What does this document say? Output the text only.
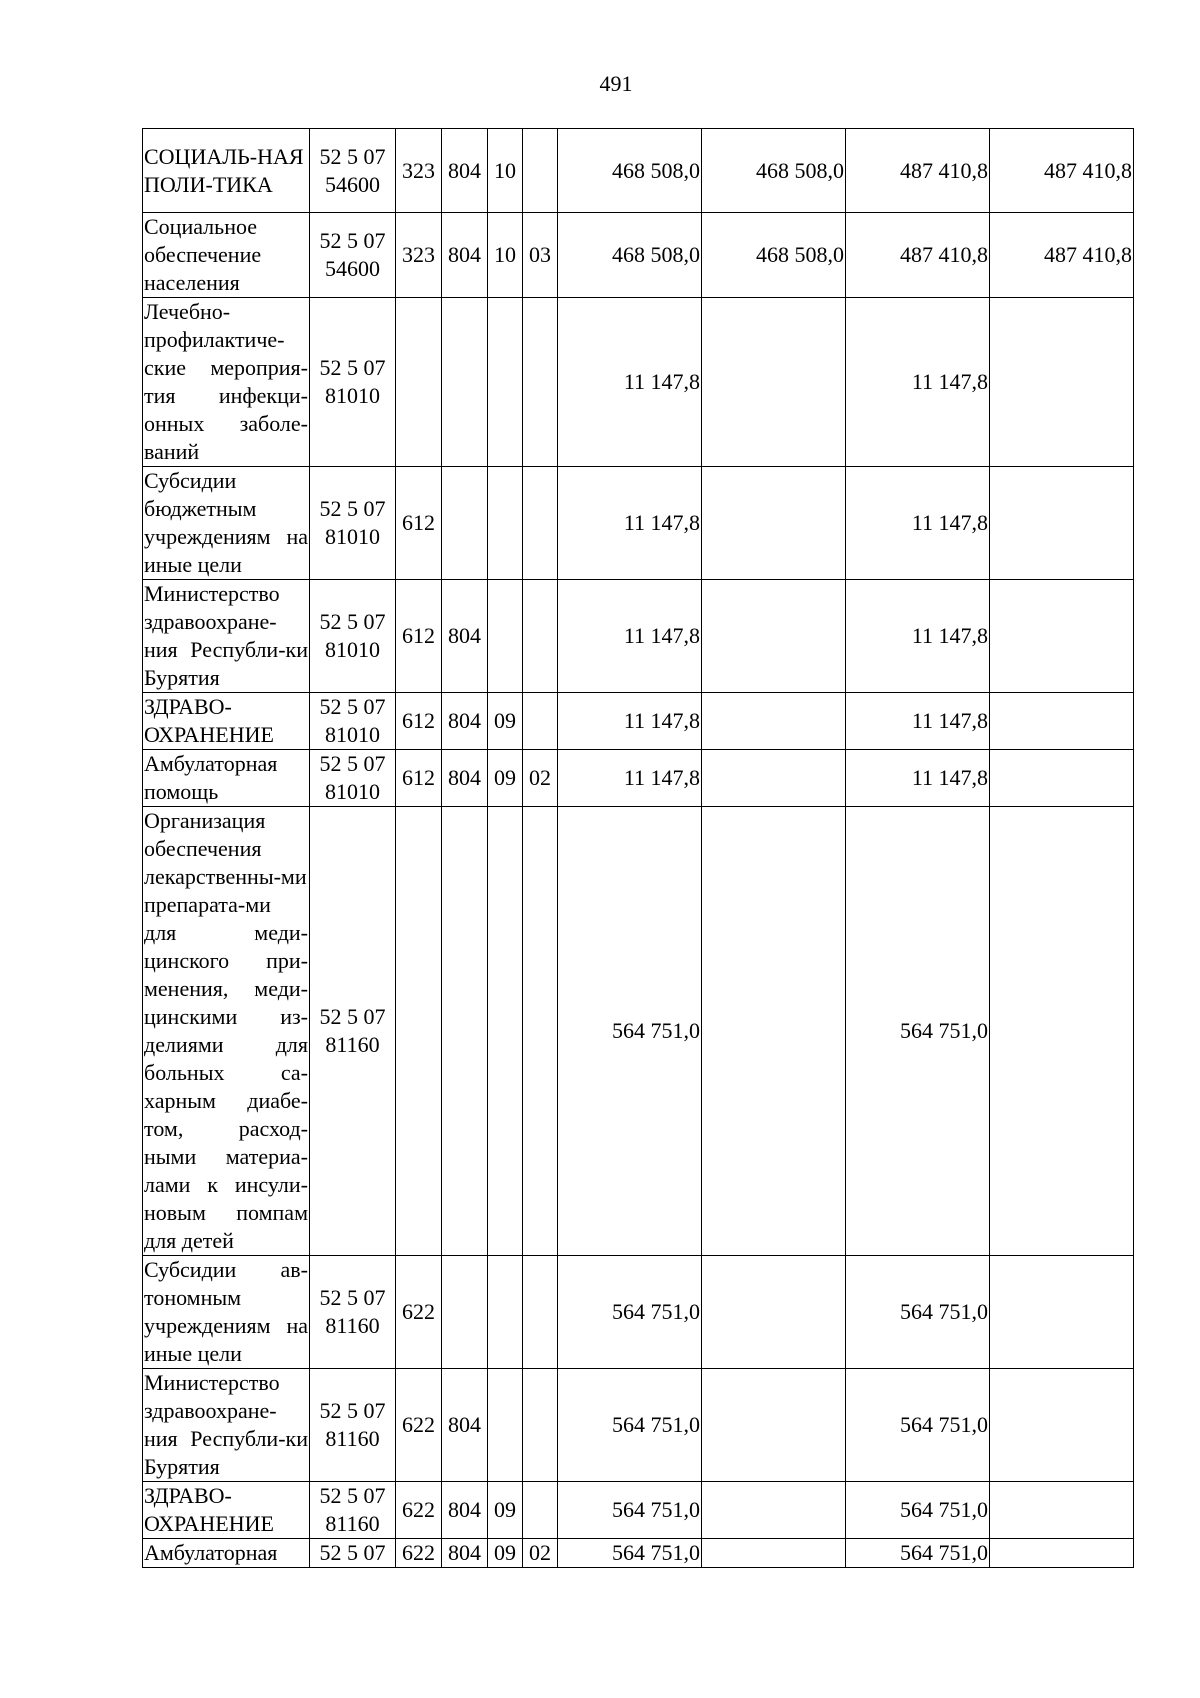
491
СОЦИАЛЬ-НАЯ ПОЛИ-ТИКА	52 5 07 54600	323	804	10		468 508,0	468 508,0	487 410,8	487 410,8
Социальное обеспечение населения	52 5 07 54600	323	804	10	03	468 508,0	468 508,0	487 410,8	487 410,8
Лечебно-профилактиче-ские мероприя-тия инфекци-онных заболе-ваний	52 5 07 81010					11 147,8		11 147,8	
Субсидии бюджетным учреждениям на иные цели	52 5 07 81010	612				11 147,8		11 147,8	
Министерство здравоохране-ния Республи-ки Бурятия	52 5 07 81010	612	804			11 147,8		11 147,8	
ЗДРАВО-ОХРАНЕНИЕ	52 5 07 81010	612	804	09		11 147,8		11 147,8	
Амбулаторная помощь	52 5 07 81010	612	804	09	02	11 147,8		11 147,8	
Организация обеспечения лекарственны-ми препарата-ми для меди-цинского при-менения, меди-цинскими из-делиями для больных са-харным диабе-том, расход-ными материа-лами к инсули-новым помпам для детей	52 5 07 81160					564 751,0		564 751,0	
Субсидии ав-тономным учреждениям на иные цели	52 5 07 81160	622				564 751,0		564 751,0	
Министерство здравоохране-ния Республи-ки Бурятия	52 5 07 81160	622	804			564 751,0		564 751,0	
ЗДРАВО-ОХРАНЕНИЕ	52 5 07 81160	622	804	09		564 751,0		564 751,0	
Амбулаторная	52 5 07	622	804	09	02	564 751,0		564 751,0	
